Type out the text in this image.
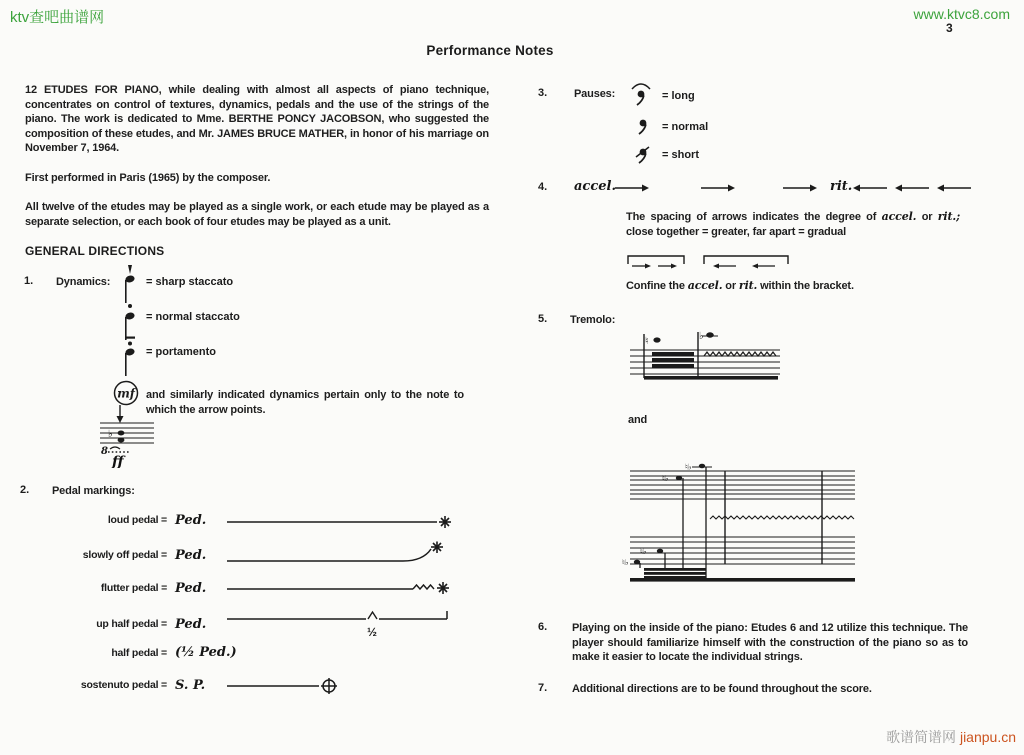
ktv查吧曲谱网	www.ktvc8.com
3
Performance Notes
歌谱简谱网 jianpu.cn
12 ETUDES FOR PIANO, while dealing with almost all aspects of piano technique, concentrates on control of textures, dynamics, pedals and the use of the strings of the piano. The work is dedicated to Mme. BERTHE PONCY JACOBSON, who suggested the composition of these etudes, and Mr. JAMES BRUCE MATHER, in honor of his marriage on November 7, 1964.
First performed in Paris (1965) by the composer.
All twelve of the etudes may be played as a single work, or each etude may be played as a separate selection, or each book of four etudes may be played as a unit.
GENERAL DIRECTIONS
1. Dynamics:	= sharp staccato
= normal staccato
= portamento
mf
♭
8
ff
and similarly indicated dynamics pertain only to the note to which the arrow points.
2. Pedal markings:
loud pedal = Ped.
slowly off pedal = Ped.
flutter pedal = Ped.
up half pedal = Ped.
½
half pedal = (½ Ped.)
sostenuto pedal = S. P.
3. Pauses:	= long
= normal
= short
4. accel.	rit.
The spacing of arrows indicates the degree of accel. or rit.; close together = greater, far apart = gradual
Confine the accel. or rit. within the bracket.
5. Tremolo:
♮	♭
and
♮♭
♮♭
♮♭
♮♭
6. Playing on the inside of the piano: Etudes 6 and 12 utilize this technique. The player should familiarize himself with the construction of the piano so as to make it easier to locate the individual strings.
7. Additional directions are to be found throughout the score.
